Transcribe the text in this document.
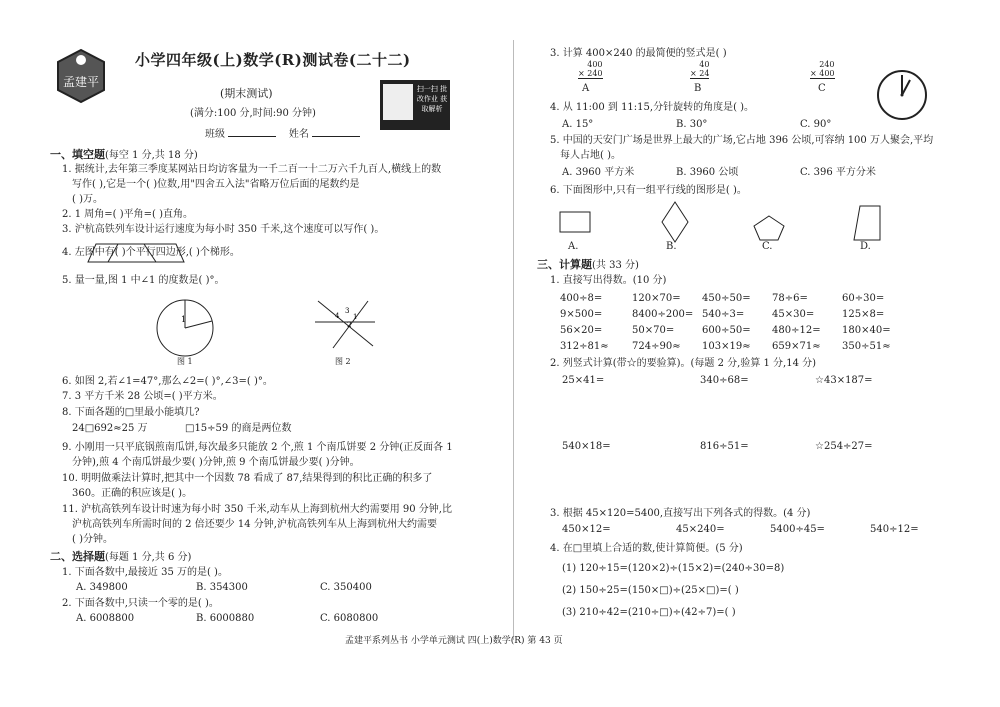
孟建平
小学四年级(上)数学(R)测试卷(二十二)
(期末测试)
(满分:100 分,时间:90 分钟)
班级	姓名
扫一扫 批改作业 获取解析
一、填空题(每空 1 分,共 18 分)
1. 据统计,去年第三季度某网站日均访客量为一千二百一十二万六千九百人,横线上的数
写作( ),它是一个( )位数,用"四舍五入法"省略万位后面的尾数约是
( )万。
2. 1 周角=( )平角=( )直角。
3. 沪杭高铁列车设计运行速度为每小时 350 千米,这个速度可以写作( )。
4. 左图中有( )个平行四边形,( )个梯形。
5. 量一量,图 1 中∠1 的度数是( )°。
1
图 1
4
3
2
1
图 2
6. 如图 2,若∠1=47°,那么∠2=( )°,∠3=( )°。
7. 3 平方千米 28 公顷=( )平方米。
8. 下面各题的□里最小能填几?
24□692≈25 万	□15÷59 的商是两位数
9. 小刚用一只平底锅煎南瓜饼,每次最多只能放 2 个,煎 1 个南瓜饼要 2 分钟(正反面各 1
分钟),煎 4 个南瓜饼最少要( )分钟,煎 9 个南瓜饼最少要( )分钟。
10. 明明做乘法计算时,把其中一个因数 78 看成了 87,结果得到的积比正确的积多了
360。正确的积应该是( )。
11. 沪杭高铁列车设计时速为每小时 350 千米,动车从上海到杭州大约需要用 90 分钟,比
沪杭高铁列车所需时间的 2 倍还要少 14 分钟,沪杭高铁列车从上海到杭州大约需要
( )分钟。
二、选择题(每题 1 分,共 6 分)
1. 下面各数中,最接近 35 万的是( )。
A. 349800	B. 354300	C. 350400
2. 下面各数中,只读一个零的是( )。
A. 6008800	B. 6000880	C. 6080800
3. 计算 400×240 的最简便的竖式是( )
400
× 240
A
40
× 24
B
240
× 400
C
4. 从 11:00 到 11:15,分针旋转的角度是( )。
A. 15°	B. 30°	C. 90°
5. 中国的天安门广场是世界上最大的广场,它占地 396 公顷,可容纳 100 万人聚会,平均
每人占地( )。
A. 3960 平方米	B. 3960 公顷	C. 396 平方分米
6. 下面图形中,只有一组平行线的图形是( )。
A.	B.	C.	D.
三、计算题(共 33 分)
1. 直接写出得数。(10 分)
400÷8=	120×70= 450÷50= 78÷6=	60÷30=
9×500=	8400÷200= 540÷3=	45×30=	125×8=
56×20=	50×70=	600÷50= 480÷12= 180×40=
312÷81≈ 724÷90≈ 103×19≈ 659×71≈ 350÷51≈
2. 列竖式计算(带☆的要验算)。(每题 2 分,验算 1 分,14 分)
25×41=	340÷68=	☆43×187=
540×18=	816÷51=	☆254÷27=
3. 根据 45×120=5400,直接写出下列各式的得数。(4 分)
450×12=	45×240=	5400÷45=	540÷12=
4. 在□里填上合适的数,使计算简便。(5 分)
(1) 120÷15=(120×2)÷(15×2)=(240÷30=8)
(2) 150÷25=(150×□)÷(25×□)=( )
(3) 210÷42=(210÷□)÷(42÷7)=( )
孟建平系列丛书 小学单元测试 四(上)数学(R) 第 43 页
